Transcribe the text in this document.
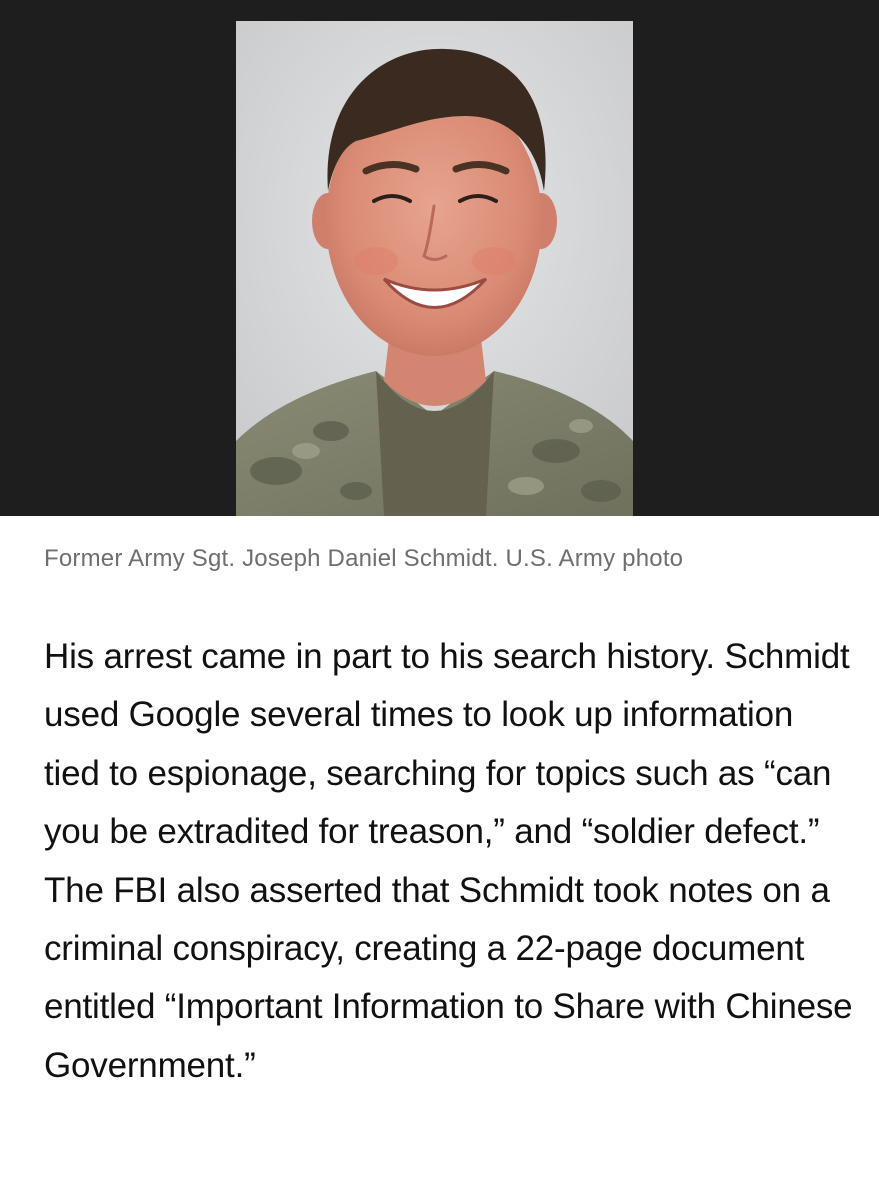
Former Army Sgt. Joseph Daniel Schmidt. U.S. Army photo

His arrest came in part to his search history. Schmidt used Google several times to look up information tied to espionage, searching for topics such as “can you be extradited for treason,” and “soldier defect.” The FBI also asserted that Schmidt took notes on a criminal conspiracy, creating a 22-page document entitled “Important Information to Share with Chinese Government.”
